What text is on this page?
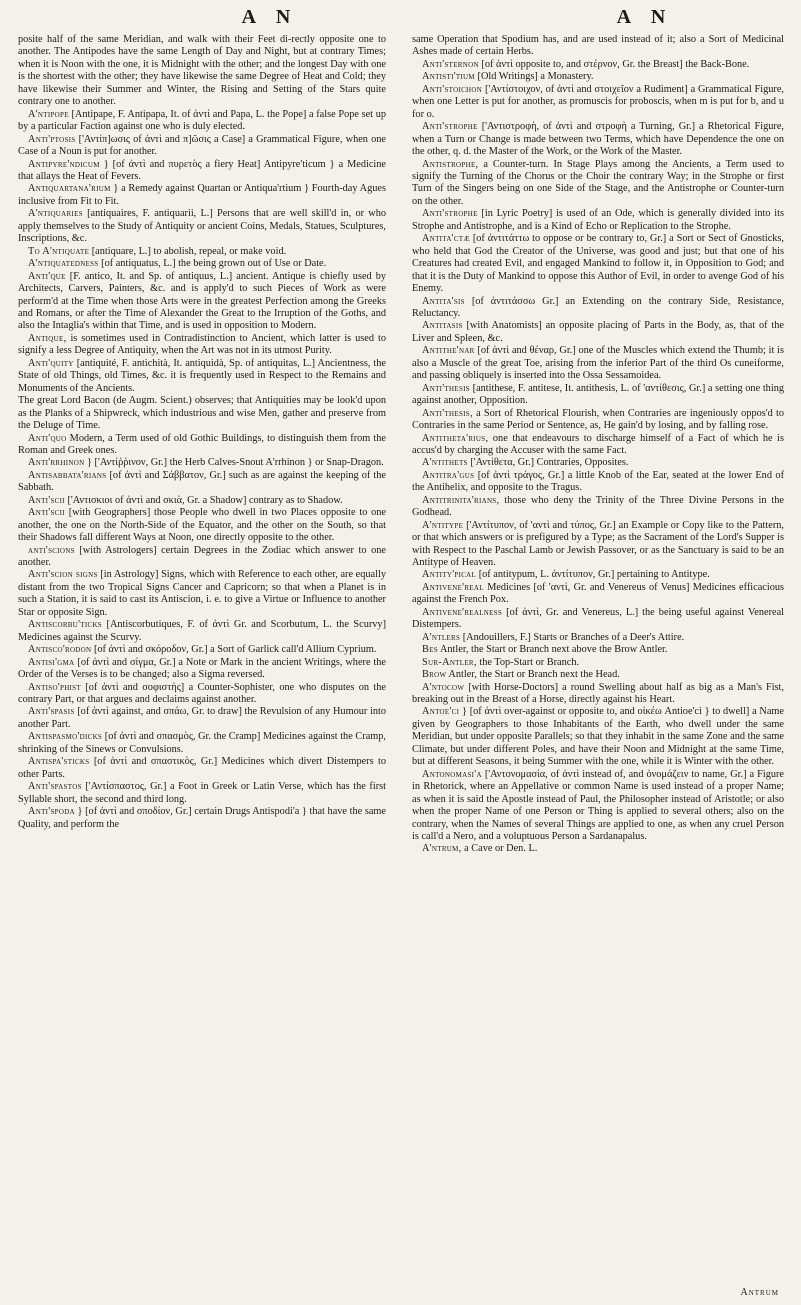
A N	A N

posite half of the same Meridian, and walk with their Feet di-rectly opposite one to another. The Antipodes have the same Length of Day and Night, but at contrary Times; when it is Noon with the one, it is Midnight with the other; and the longest Day with one is the shortest with the other; they have likewise the same Degree of Heat and Cold; they have likewise their Summer and Winter, the Rising and Setting of the Stars quite contrary one to another.

A'ntipope [Antipape, F. Antipapa, It. of ἀντὶ and Papa, L. the Pope] a false Pope set up by a particular Faction against one who is duly elected.

Anti'ptosis ['Αντίπ]ωσις of ἀντὶ and π]ῶσις a Case] a Grammatical Figure, when one Case of a Noun is put for another.

Antipyre'ndicum } [of ἀντὶ and πυρετὸς a fiery Heat] Antipyre'ticum } a Medicine that allays the Heat of Fevers.

Antiquartana'rium } a Remedy against Quartan or Antiqua'rtium } Fourth-day Agues inclusive from Fit to Fit.

A'ntiquaries [antiquaires, F. antiquarii, L.] Persons that are well skill'd in, or who apply themselves to the Study of Antiquity or ancient Coins, Medals, Statues, Sculptures, Inscriptions, &c.

To A'ntiquate [antiquare, L.] to abolish, repeal, or make void.

A'ntiquatedness [of antiquatus, L.] the being grown out of Use or Date.

Anti'que [F. antico, It. and Sp. of antiquus, L.] ancient. Antique is chiefly used by Architects, Carvers, Painters, &c. and is apply'd to such Pieces of Work as were perform'd at the Time when those Arts were in the greatest Perfection among the Greeks and Romans, or after the Time of Alexander the Great to the Irruption of the Goths, and also the Intaglia's within that Time, and is used in opposition to Modern.

Antique, is sometimes used in Contradistinction to Ancient, which latter is used to signify a less Degree of Antiquity, when the Art was not in its utmost Purity.

Anti'quity [antiquité, F. antichità, It. antiquidà, Sp. of antiquitas, L.] Ancientness, the State of old Things, old Times, &c. it is frequently used in Respect to the Remains and Monuments of the Ancients.

The great Lord Bacon (de Augm. Scient.) observes; that Antiquities may be look'd upon as the Planks of a Shipwreck, which industrious and wise Men, gather and preserve from the Deluge of Time.

Anti'quo Modern, a Term used of old Gothic Buildings, to distinguish them from the Roman and Greek ones.

Anti'rrhinon } ['Αντίῤῥινον, Gr.] the Herb Calves-Snout A'rrhinon } or Snap-Dragon.

Antisabbata'rians [of ἀντὶ and Σάββατον, Gr.] such as are against the keeping of the Sabbath.

Anti'scii ['Αντισκιοι of ἀντὶ and σκιὰ, Gr. a Shadow] contrary as to Shadow.

Anti'scii [with Geographers] those People who dwell in two Places opposite to one another, the one on the North-Side of the Equator, and the other on the South, so that their Shadows fall different Ways at Noon, one directly opposite to the other.

anti'scions [with Astrologers] certain Degrees in the Zodiac which answer to one another.

Anti'scion signs [in Astrology] Signs, which with Reference to each other, are equally distant from the two Tropical Signs Cancer and Capricorn; so that when a Planet is in such a Station, it is said to cast its Antiscion, i. e. to give a Virtue or Influence to another Star or opposite Sign.

Antiscorbu'ticks [Antiscorbutiques, F. of ἀντὶ Gr. and Scorbutum, L. the Scurvy] Medicines against the Scurvy.

Antisco'rodon [of ἀντὶ and σκόροδον, Gr.] a Sort of Garlick call'd Allium Cyprium.

Antisi'gma [of ἀντὶ and σίγμα, Gr.] a Note or Mark in the ancient Writings, where the Order of the Verses is to be changed; also a Sigma reversed.

Antiso'phist [of ἀντὶ and σοφιστὴς] a Counter-Sophister, one who disputes on the contrary Part, or that argues and declaims against another.

Anti'spasis [of ἀντὶ against, and σπάω, Gr. to draw] the Revulsion of any Humour into another Part.

Antispasmo'dicks [of ἀντὶ and σπασμὸς, Gr. the Cramp] Medicines against the Cramp, shrinking of the Sinews or Convulsions.

Antispa'sticks [of ἀντὶ and σπαστικὸς, Gr.] Medicines which divert Distempers to other Parts.

Anti'spastos ['Αντίσπαστος, Gr.] a Foot in Greek or Latin Verse, which has the first Syllable short, the second and third long.

Anti'spoda } [of ἀντὶ and σποδίον, Gr.] certain Drugs Antispodi'a } that have the same Quality, and perform the

same Operation that Spodium has, and are used instead of it; also a Sort of Medicinal Ashes made of certain Herbs.

Anti'sternon [of ἀντὶ opposite to, and στέρνον, Gr. the Breast] the Back-Bone.

Antisti'tium [Old Writings] a Monastery.

Anti'stoichon ['Αντίστοιχον, of ἀντὶ and στοιχεῖον a Rudiment] a Grammatical Figure, when one Letter is put for another, as promuscis for proboscis, when m is put for b, and u for o.

Anti'strophe ['Αντιστροφὴ, of ἀντὶ and στροφὴ a Turning, Gr.] a Rhetorical Figure, when a Turn or Change is made between two Terms, which have Dependence the one on the other, q. d. the Master of the Work, or the Work of the Master.

Antistrophe, a Counter-turn. In Stage Plays among the Ancients, a Term used to signify the Turning of the Chorus or the Choir the contrary Way; in the Strophe or first Turn of the Singers being on one Side of the Stage, and the Antistrophe or Counter-turn on the other.

Anti'strophe [in Lyric Poetry] is used of an Ode, which is generally divided into its Strophe and Antistrophe, and is a Kind of Echo or Replication to the Strophe.

Antita'ctæ [of ἀντιτάττω to oppose or be contrary to, Gr.] a Sort or Sect of Gnosticks, who held that God the Creator of the Universe, was good and just; but that one of his Creatures had created Evil, and engaged Mankind to follow it, in Opposition to God; and that it is the Duty of Mankind to oppose this Author of Evil, in order to avenge God of his Enemy.

Antita'sis [of ἀντιτάσσω Gr.] an Extending on the contrary Side, Resistance, Reluctancy.

Antitasis [with Anatomists] an opposite placing of Parts in the Body, as, that of the Liver and Spleen, &c.

Antithe'nar [of ἀντὶ and θέναρ, Gr.] one of the Muscles which extend the Thumb; it is also a Muscle of the great Toe, arising from the inferior Part of the third Os cuneiforme, and passing obliquely is inserted into the Ossa Sessamoidea.

Anti'thesis [antithese, F. antitese, It. antithesis, L. of 'αντίθεσις, Gr.] a setting one thing against another, Opposition.

Anti'thesis, a Sort of Rhetorical Flourish, when Contraries are ingeniously oppos'd to Contraries in the same Period or Sentence, as, He gain'd by losing, and by falling rose.

Antitheta'rius, one that endeavours to discharge himself of a Fact of which he is accus'd by charging the Accuser with the same Fact.

A'ntithets ['Αντίθετα, Gr.] Contraries, Opposites.

Antitra'gus [of ἀντὶ τράγος, Gr.] a little Knob of the Ear, seated at the lower End of the Antihelix, and opposite to the Tragus.

Antitrinita'rians, those who deny the Trinity of the Three Divine Persons in the Godhead.

A'ntitype ['Αντίτυπον, of 'αντὶ and τύπος, Gr.] an Example or Copy like to the Pattern, or that which answers or is prefigured by a Type; as the Sacrament of the Lord's Supper is with Respect to the Paschal Lamb or Jewish Passover, or as the Sanctuary is said to be an Antitype of Heaven.

Antity'pical [of antitypum, L. ἀντίτυπον, Gr.] pertaining to Antitype.

Antivene'real Medicines [of 'αντὶ, Gr. and Venereus of Venus] Medicines efficacious against the French Pox.

Antivene'realness [of ἀντὶ, Gr. and Venereus, L.] the being useful against Venereal Distempers.

A'ntlers [Andouillers, F.] Starts or Branches of a Deer's Attire.

Bes Antler, the Start or Branch next above the Brow Antler.

Sur-Antler, the Top-Start or Branch.

Brow Antler, the Start or Branch next the Head.

A'ntocow [with Horse-Doctors] a round Swelling about half as big as a Man's Fist, breaking out in the Breast of a Horse, directly against his Heart.

Antoe'ci } [of ἀντὶ over-against or opposite to, and οἰκέω Antioe'ci } to dwell] a Name given by Geographers to those Inhabitants of the Earth, who dwell under the same Meridian, but under opposite Parallels; so that they inhabit in the same Zone and the same Climate, but under different Poles, and have their Noon and Midnight at the same Time, but at different Seasons, it being Summer with the one, while it is Winter with the other.

Antonomasi'a ['Αντονομασία, of ἀντὶ instead of, and ὀνομάζειν to name, Gr.] a Figure in Rhetorick, where an Appellative or common Name is used instead of a proper Name; as when it is said the Apostle instead of Paul, the Philosopher instead of Aristotle; or also when the proper Name of one Person or Thing is applied to several others; also on the contrary, when the Names of several Things are applied to one, as when any cruel Person is call'd a Nero, and a voluptuous Person a Sardanapalus.

A'ntrum, a Cave or Den. L.

Antrum
